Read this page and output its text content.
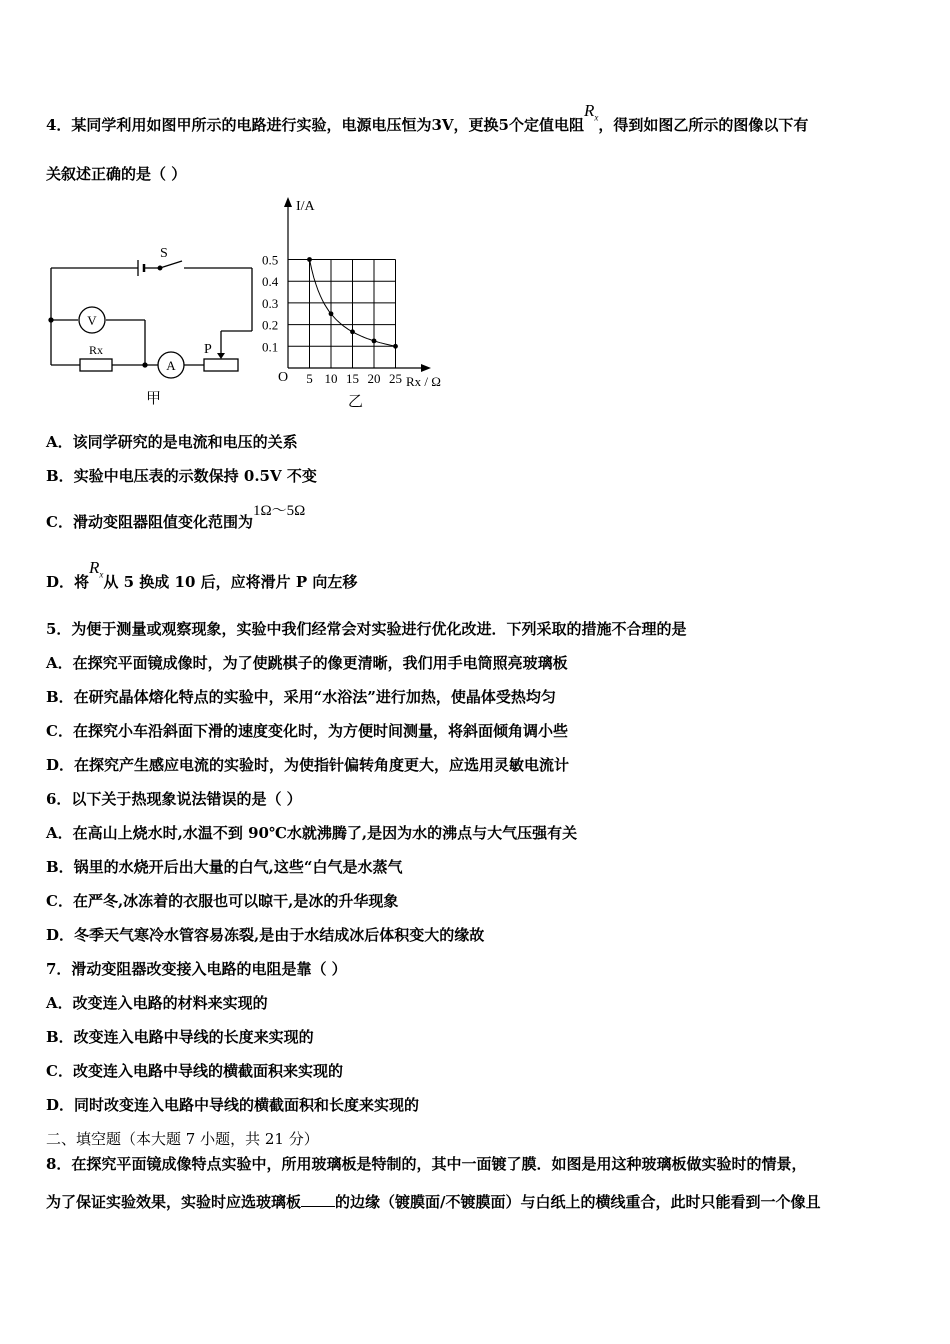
4．某同学利用如图甲所示的电路进行实验，电源电压恒为3V，更换5个定值电阻$R_x$，得到如图乙所示的图像以下有
关叙述正确的是（ ）
S
V
A
Rx	P
甲
0.5
0.4
0.3
0.2
0.1
5 10 15 20 25
I/A
Rx / Ω
O
乙
A．该同学研究的是电流和电压的关系
B．实验中电压表的示数保持 0.5V 不变
C．滑动变阻器阻值变化范围为1Ω～5Ω
D．将$R_x$从 5 换成 10 后，应将滑片 P 向左移
5．为便于测量或观察现象，实验中我们经常会对实验进行优化改进．下列采取的措施不合理的是
A．在探究平面镜成像时，为了使跳棋子的像更清晰，我们用手电筒照亮玻璃板
B．在研究晶体熔化特点的实验中，采用“水浴法”进行加热，使晶体受热均匀
C．在探究小车沿斜面下滑的速度变化时，为方便时间测量，将斜面倾角调小些
D．在探究产生感应电流的实验时，为使指针偏转角度更大，应选用灵敏电流计
6．以下关于热现象说法错误的是（ ）
A．在高山上烧水时,水温不到 90℃水就沸腾了,是因为水的沸点与大气压强有关
B．锅里的水烧开后出大量的白气,这些“白气是水蒸气
C．在严冬,冰冻着的衣服也可以晾干,是冰的升华现象
D．冬季天气寒冷水管容易冻裂,是由于水结成冰后体积变大的缘故
7．滑动变阻器改变接入电路的电阻是靠（ ）
A．改变连入电路的材料来实现的
B．改变连入电路中导线的长度来实现的
C．改变连入电路中导线的横截面积来实现的
D．同时改变连入电路中导线的横截面积和长度来实现的
二、填空题（本大题 7 小题，共 21 分）
8．在探究平面镜成像特点实验中，所用玻璃板是特制的，其中一面镀了膜．如图是用这种玻璃板做实验时的情景，
为了保证实验效果，实验时应选玻璃板 的边缘（镀膜面/不镀膜面）与白纸上的横线重合，此时只能看到一个像且
